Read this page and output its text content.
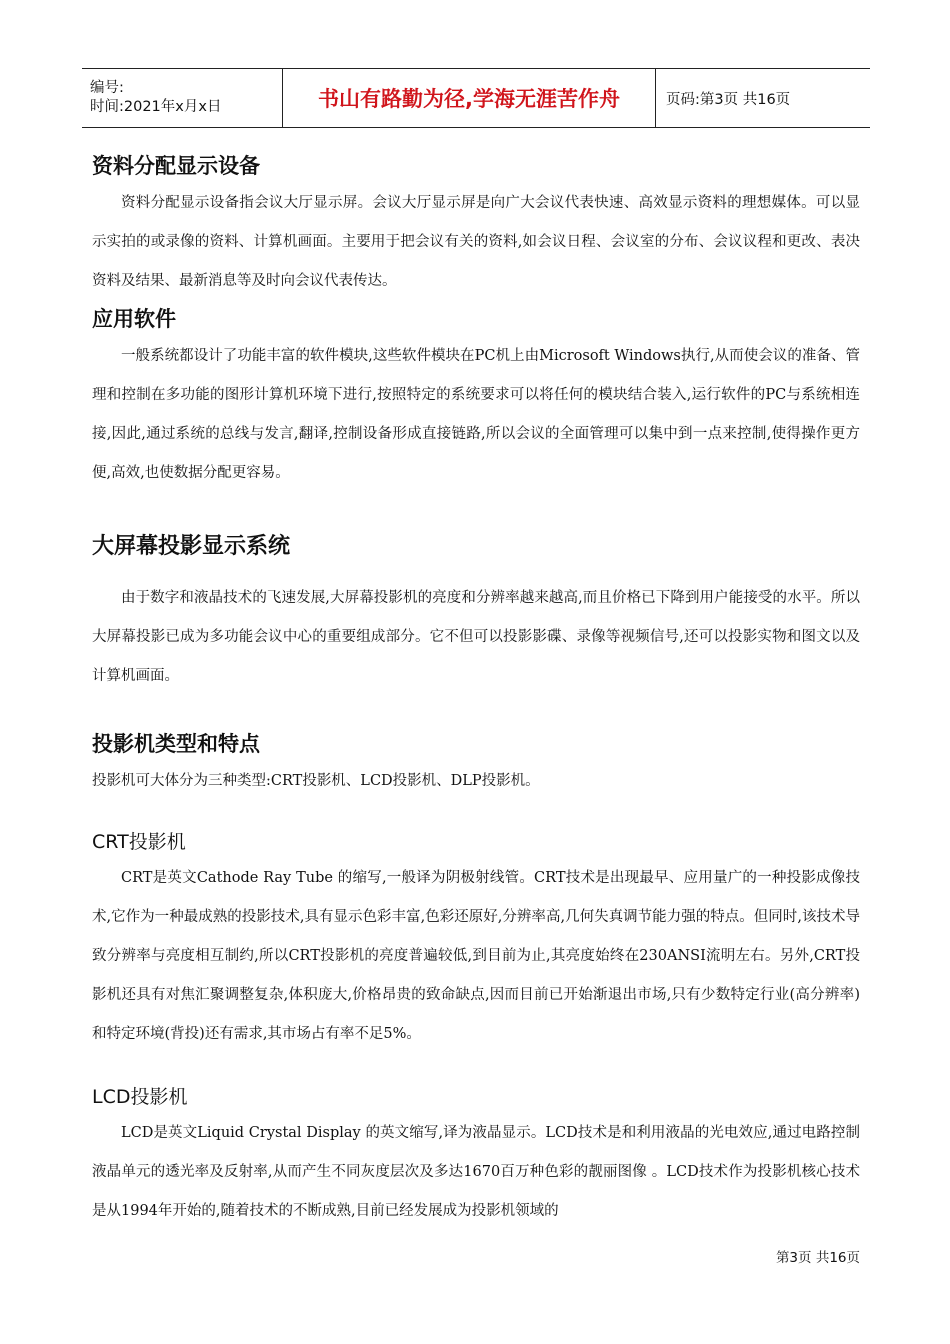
编号:
时间:2021年x月x日	书山有路勤为径,学海无涯苦作舟	页码:第3页 共16页
资料分配显示设备

资料分配显示设备指会议大厅显示屏。会议大厅显示屏是向广大会议代表快速、高效显示资料的理想媒体。可以显示实拍的或录像的资料、计算机画面。主要用于把会议有关的资料,如会议日程、会议室的分布、会议议程和更改、表决资料及结果、最新消息等及时向会议代表传达。

应用软件

一般系统都设计了功能丰富的软件模块,这些软件模块在PC机上由Microsoft Windows执行,从而使会议的准备、管理和控制在多功能的图形计算机环境下进行,按照特定的系统要求可以将任何的模块结合装入,运行软件的PC与系统相连接,因此,通过系统的总线与发言,翻译,控制设备形成直接链路,所以会议的全面管理可以集中到一点来控制,使得操作更方便,高效,也使数据分配更容易。

大屏幕投影显示系统

由于数字和液晶技术的飞速发展,大屏幕投影机的亮度和分辨率越来越高,而且价格已下降到用户能接受的水平。所以大屏幕投影已成为多功能会议中心的重要组成部分。它不但可以投影影碟、录像等视频信号,还可以投影实物和图文以及计算机画面。

投影机类型和特点

投影机可大体分为三种类型:CRT投影机、LCD投影机、DLP投影机。

CRT投影机

CRT是英文Cathode Ray Tube 的缩写,一般译为阴极射线管。CRT技术是出现最早、应用量广的一种投影成像技术,它作为一种最成熟的投影技术,具有显示色彩丰富,色彩还原好,分辨率高,几何失真调节能力强的特点。但同时,该技术导致分辨率与亮度相互制约,所以CRT投影机的亮度普遍较低,到目前为止,其亮度始终在230ANSI流明左右。另外,CRT投影机还具有对焦汇聚调整复杂,体积庞大,价格昂贵的致命缺点,因而目前已开始渐退出市场,只有少数特定行业(高分辨率)和特定环境(背投)还有需求,其市场占有率不足5%。

LCD投影机

LCD是英文Liquid Crystal Display 的英文缩写,译为液晶显示。LCD技术是和利用液晶的光电效应,通过电路控制液晶单元的透光率及反射率,从而产生不同灰度层次及多达1670百万种色彩的靓丽图像 。LCD技术作为投影机核心技术是从1994年开始的,随着技术的不断成熟,目前已经发展成为投影机领域的

第3页 共16页
